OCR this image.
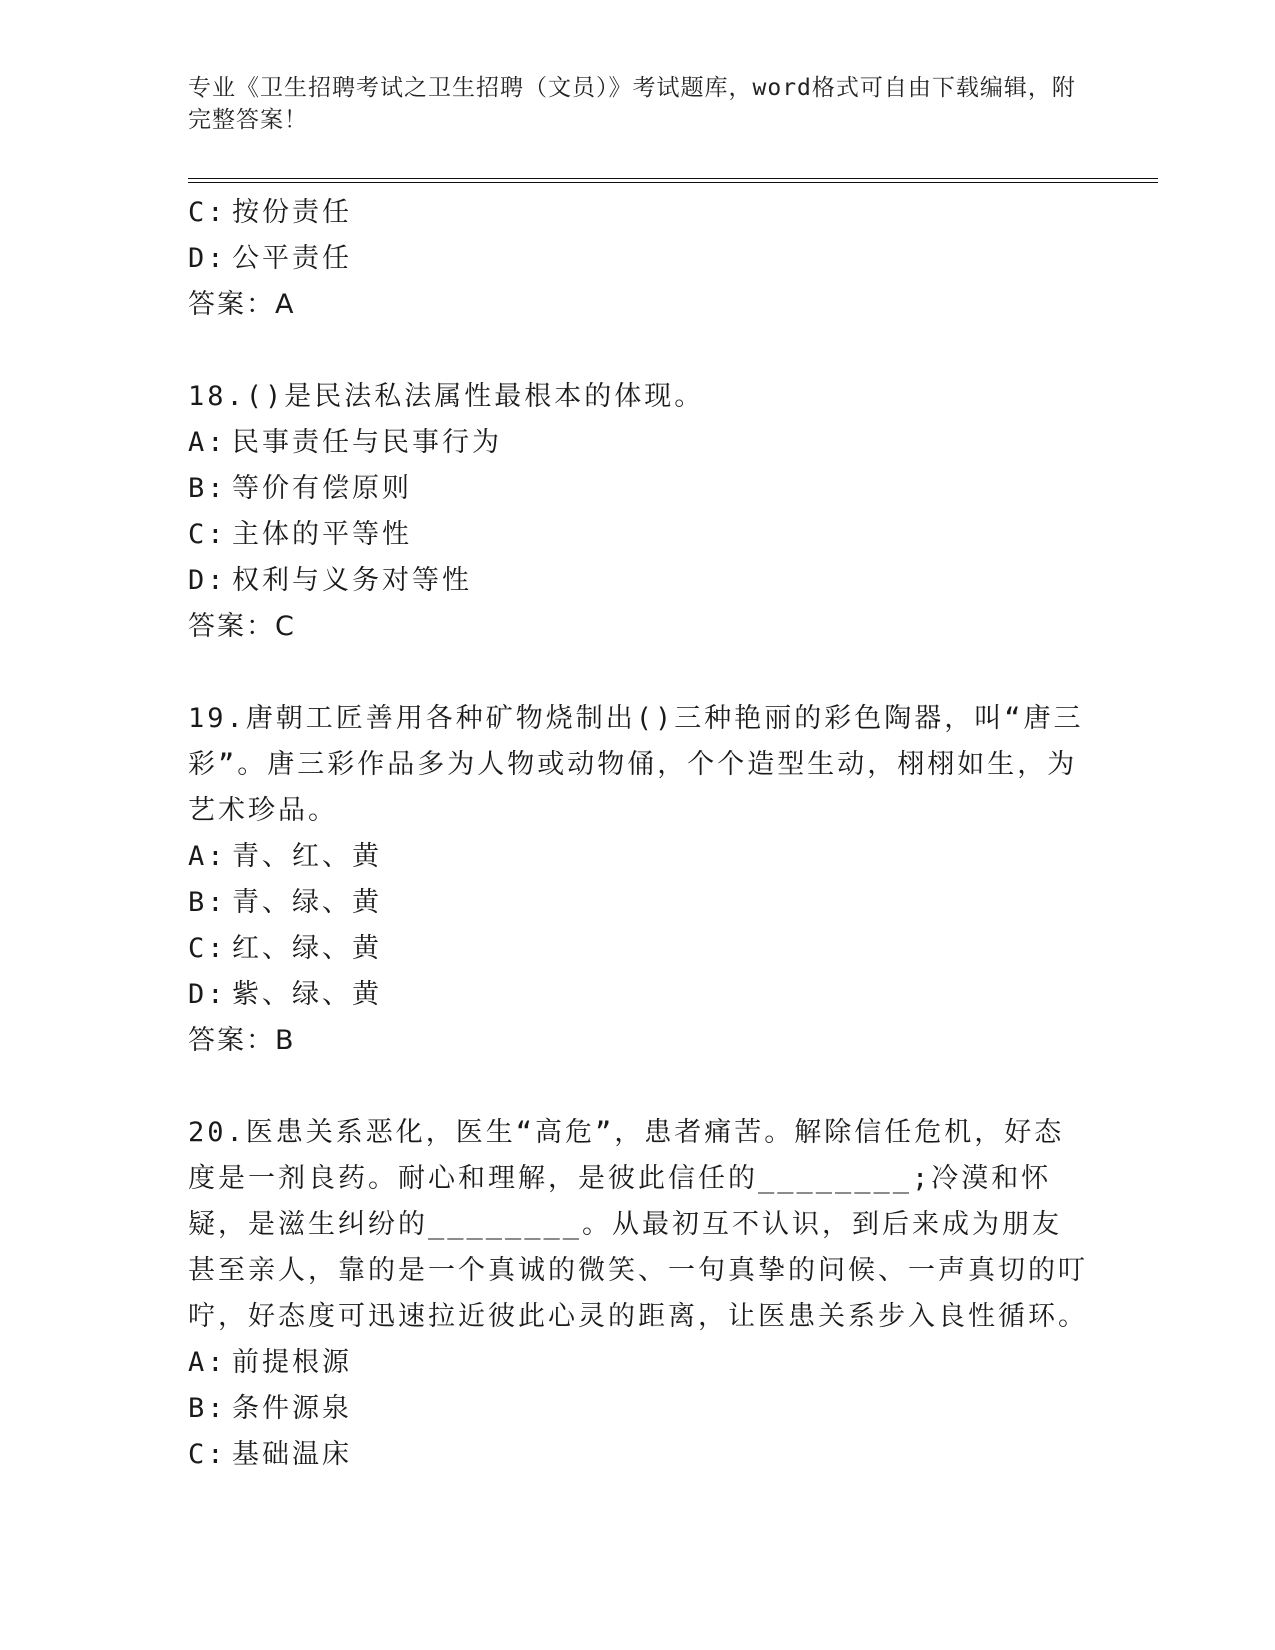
专业《卫生招聘考试之卫生招聘（文员）》考试题库，word格式可自由下载编辑，附完整答案！
C: 按份责任
D: 公平责任
答案：A
18.()是民法私法属性最根本的体现。
A: 民事责任与民事行为
B: 等价有偿原则
C: 主体的平等性
D: 权利与义务对等性
答案：C
19.唐朝工匠善用各种矿物烧制出()三种艳丽的彩色陶器，叫“唐三彩”。唐三彩作品多为人物或动物俑，个个造型生动，栩栩如生，为艺术珍品。
A: 青、红、黄
B: 青、绿、黄
C: 红、绿、黄
D: 紫、绿、黄
答案：B
20.医患关系恶化，医生“高危”，患者痛苦。解除信任危机，好态度是一剂良药。耐心和理解，是彼此信任的________;冷漠和怀疑，是滋生纠纷的________。从最初互不认识，到后来成为朋友甚至亲人，靠的是一个真诚的微笑、一句真挚的问候、一声真切的叮咛，好态度可迅速拉近彼此心灵的距离，让医患关系步入良性循环。
A: 前提根源
B: 条件源泉
C: 基础温床
